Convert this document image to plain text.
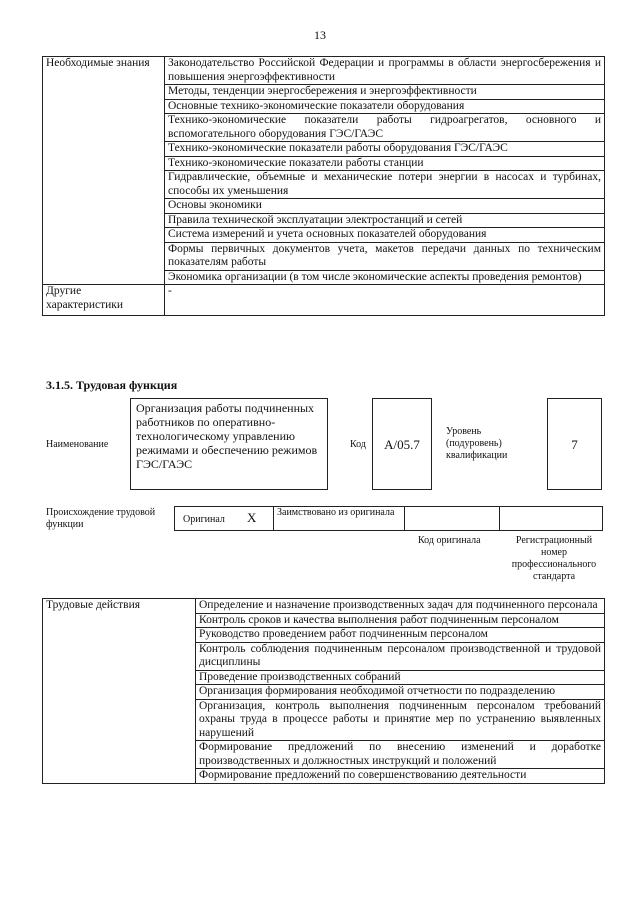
13
Необходимые знания	Законодательство Российской Федерации и программы в области энергосбережения и повышения энергоэффективности
	Методы, тенденции энергосбережения и энергоэффективности
	Основные технико-экономические показатели оборудования
	Технико-экономические показатели работы гидроагрегатов, основного и вспомогательного оборудования ГЭС/ГАЭС
	Технико-экономические показатели работы оборудования ГЭС/ГАЭС
	Технико-экономические показатели работы станции
	Гидравлические, объемные и механические потери энергии в насосах и турбинах, способы их уменьшения
	Основы экономики
	Правила технической эксплуатации электростанций и сетей
	Система измерений и учета основных показателей оборудования
	Формы первичных документов учета, макетов передачи данных по техническим показателям работы
	Экономика организации (в том числе экономические аспекты проведения ремонтов)
Другие характеристики	-
3.1.5. Трудовая функция
Наименование
Организация работы подчиненных работников по оперативно-технологическому управлению режимами и обеспечению режимов ГЭС/ГАЭС
Код	A/05.7
Уровень (подуровень) квалификации
7
Происхождение трудовой функции	Оригинал X Заимствовано из оригинала
Код оригинала	Регистрационный номер профессионального стандарта
Трудовые действия	Определение и назначение производственных задач для подчиненного персонала
Контроль сроков и качества выполнения работ подчиненным персоналом
Руководство проведением работ подчиненным персоналом
Контроль соблюдения подчиненным персоналом производственной и трудовой дисциплины
Проведение производственных собраний
Организация формирования необходимой отчетности по подразделению
Организация, контроль выполнения подчиненным персоналом требований охраны труда в процессе работы и принятие мер по устранению выявленных нарушений
Формирование предложений по внесению изменений и доработке производственных и должностных инструкций и положений
Формирование предложений по совершенствованию деятельности
